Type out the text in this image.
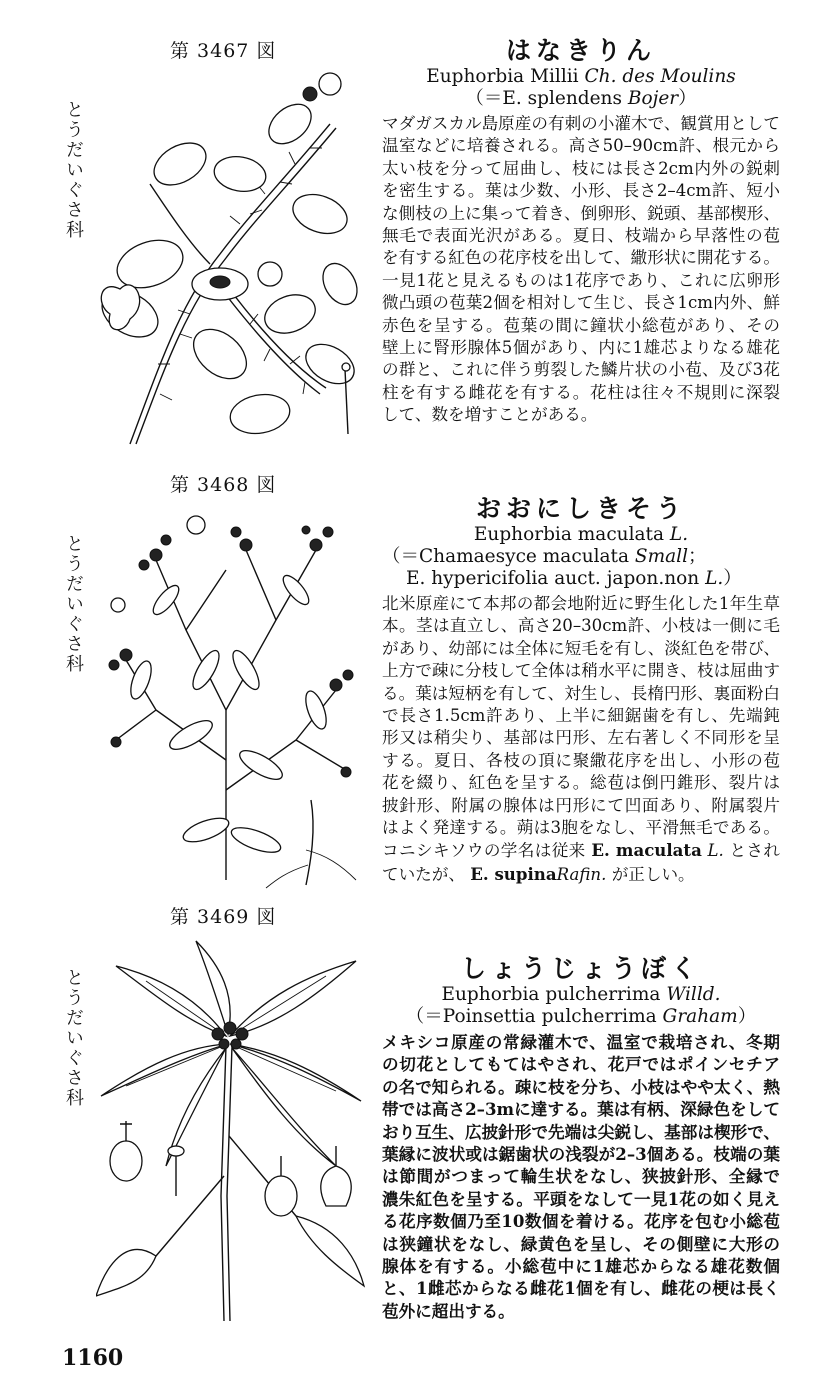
第 3467 図
とうだいぐさ科
第 3468 図
とうだいぐさ科
第 3469 図
とうだいぐさ科
はなきりん
Euphorbia Millii Ch. des Moulins
（＝E. splendens Bojer）
マダガスカル島原産の有刺の小灌木で、観賞用として温室などに培養される。高さ50–90cm許、根元から太い枝を分って屈曲し、枝には長さ2cm内外の鋭刺を密生する。葉は少数、小形、長さ2–4cm許、短小な側枝の上に集って着き、倒卵形、鋭頭、基部楔形、無毛で表面光沢がある。夏日、枝端から早落性の苞を有する紅色の花序枝を出して、繖形状に開花する。一見1花と見えるものは1花序であり、これに広卵形微凸頭の苞葉2個を相対して生じ、長さ1cm内外、鮮赤色を呈する。苞葉の間に鐘状小総苞があり、その壁上に腎形腺体5個があり、内に1雄芯よりなる雄花の群と、これに伴う剪裂した鱗片状の小苞、及び3花柱を有する雌花を有する。花柱は往々不規則に深裂して、数を増すことがある。
おおにしきそう
Euphorbia maculata L.
（＝Chamaesyce maculata Small；
E. hypericifolia auct. japon.non L.）
北米原産にて本邦の都会地附近に野生化した1年生草本。茎は直立し、高さ20–30cm許、小枝は一側に毛があり、幼部には全体に短毛を有し、淡紅色を帯び、上方で疎に分枝して全体は稍水平に開き、枝は屈曲する。葉は短柄を有して、対生し、長楕円形、裏面粉白で長さ1.5cm許あり、上半に細鋸歯を有し、先端鈍形又は稍尖り、基部は円形、左右著しく不同形を呈する。夏日、各枝の頂に聚繖花序を出し、小形の苞花を綴り、紅色を呈する。総苞は倒円錐形、裂片は披針形、附属の腺体は円形にて凹面あり、附属裂片はよく発達する。蒴は3胞をなし、平滑無毛である。コニシキソウの学名は従来 E. maculata L. とされていたが、 E. supinaRafin. が正しい。
しょうじょうぼく
Euphorbia pulcherrima Willd.
（＝Poinsettia pulcherrima Graham）
メキシコ原産の常緑灌木で、温室で栽培され、冬期の切花としてもてはやされ、花戸ではポインセチアの名で知られる。疎に枝を分ち、小枝はやや太く、熱帯では高さ2–3mに達する。葉は有柄、深緑色をしており互生、広披針形で先端は尖鋭し、基部は楔形で、葉縁に波状或は鋸歯状の浅裂が2–3個ある。枝端の葉は節間がつまって輪生状をなし、狭披針形、全縁で濃朱紅色を呈する。平頭をなして一見1花の如く見える花序数個乃至10数個を着ける。花序を包む小総苞は狭鐘状をなし、緑黄色を呈し、その側壁に大形の腺体を有する。小総苞中に1雄芯からなる雄花数個と、1雌芯からなる雌花1個を有し、雌花の梗は長く苞外に超出する。
1160
